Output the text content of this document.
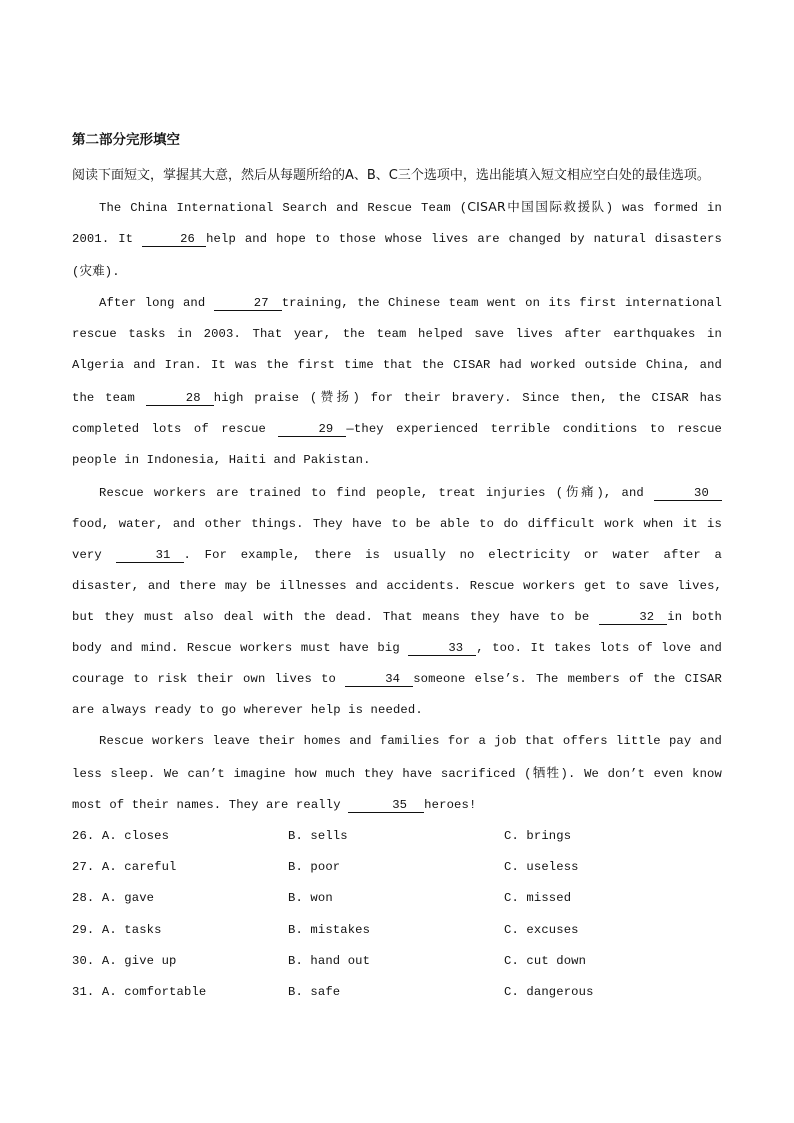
第二部分完形填空

阅读下面短文，掌握其大意，然后从每题所给的A、B、C三个选项中，选出能填入短文相应空白处的最佳选项。

The China International Search and Rescue Team (CISAR中国国际救援队) was formed in 2001. It	26 help and hope to those whose lives are changed by natural disasters (灾难).

After long and	27 training, the Chinese team went on its first international rescue tasks in 2003. That year, the team helped save lives after earthquakes in Algeria and Iran. It was the first time that the CISAR had worked outside China, and the team	28 high praise (赞扬) for their bravery. Since then, the CISAR has completed lots of rescue	29 —they experienced terrible conditions to rescue people in Indonesia, Haiti and Pakistan.

Rescue workers are trained to find people, treat injuries (伤痛), and	30food, water, and other things. They have to be able to do difficult work when it is very	31 . For example, there is usually no electricity or water after a disaster, and there may be illnesses and accidents. Rescue workers get to save lives, but they must also deal with the dead. That means they have to be	32 in both body and mind. Rescue workers must have big	33 , too. It takes lots of love and courage to risk their own lives to	34 someone else’s. The members of the CISAR are always ready to go wherever help is needed.

Rescue workers leave their homes and families for a job that offers little pay and less sleep. We can’t imagine how much they have sacrificed (牺牲). We don’t even know most of their names. They are really	35 heroes!

26. A. closes	B. sells	C. brings
27. A. careful	B. poor	C. useless
28. A. gave	B. won	C. missed
29. A. tasks	B. mistakes	C. excuses
30. A. give up	B. hand out	C. cut down
31. A. comfortable	B. safe	C. dangerous
